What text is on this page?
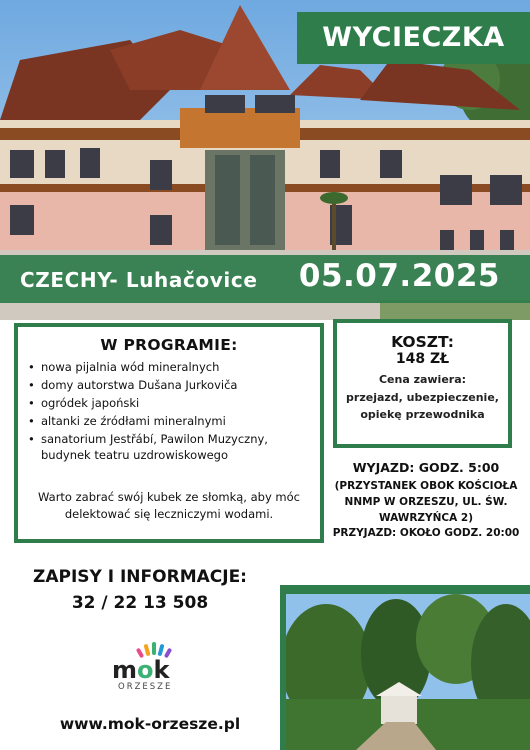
WYCIECZKA
CZECHY- Luhačovice 05.07.2025
W PROGRAMIE:
• nowa pijalnia wód mineralnych
• domy autorstwa Dušana Jurkoviča
• ogródek japoński
• altanki ze źródłami mineralnymi
• sanatorium Jestřábí, Pawilon Muzyczny, budynek teatru uzdrowiskowego
Warto zabrać swój kubek ze słomką, aby móc delektować się leczniczymi wodami.
KOSZT:
148 ZŁ
Cena zawiera:
przejazd, ubezpieczenie, opiekę przewodnika
WYJAZD: GODZ. 5:00
(PRZYSTANEK OBOK KOŚCIOŁA NNMP W ORZESZU, UL. ŚW. WAWRZYŃCA 2)
PRZYJAZD: OKOŁO GODZ. 20:00
ZAPISY I INFORMACJE:
32 / 22 13 508
mok
ORZESZE
www.mok-orzesze.pl
